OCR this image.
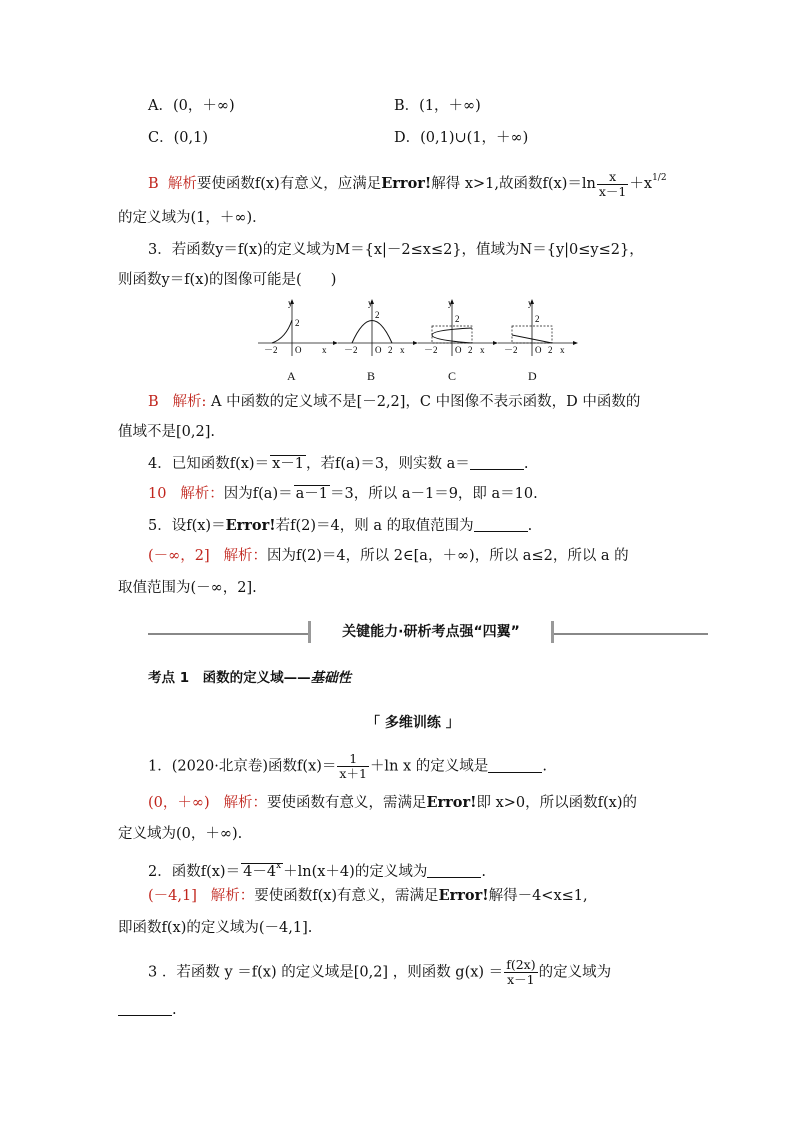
A．(0，＋∞)	B．(1，＋∞)
C．(0,1)	D．(0,1)∪(1，＋∞)
B 解析要使函数f(x)有意义，应满足Error!解得 x>1,故函数$f(x)=\ln \frac{x}{x-1} +x^{1/2}$
的定义域为(1，＋∞)．
3．若函数y＝f(x)的定义域为M＝{x|－2≤x≤2}，值域为N＝{y|0≤y≤2}，
则函数y＝f(x)的图像可能是(　　)
y
2
－2 O x
y
2
－2 O 2 x
y
2
－2 O 2 x
y
2
－2 O 2 x
A	B	C	D
B 解析: A 中函数的定义域不是[－2,2]，C 中图像不表示函数，D 中函数的
值域不是[0,2].
4．已知函数f(x)＝ x－1 ，若f(a)＝3，则实数 a＝	.
10 解析：因为f(a)＝ a－1 ＝3，所以 a－1＝9，即 a＝10.
5．设f(x)＝Error!若f(2)＝4，则 a 的取值范围为	.
(－∞，2] 解析：因为f(2)＝4，所以 2∈[a，＋∞)，所以 a≤2，所以 a 的
取值范围为(－∞，2].
关键能力·研析考点强“四翼”
考点 1　函数的定义域——基础性
「 多维训练 」
1．(2020·北京卷)函数$f(x)= \frac{1}{x+1} +\ln$ x 的定义域是	.
(0，＋∞) 解析：要使函数有意义，需满足Error!即 x>0，所以函数f(x)的
定义域为(0，＋∞).
2．函数$f(x)= 4-4^x +\ln(x+4)$的定义域为	.
(－4,1] 解析：要使函数f(x)有意义，需满足Error!解得－4<x≤1,
即函数f(x)的定义域为(－4,1].
3 ．若函数 y ＝f(x) 的定义域是[0,2] ，则函数 $g(x) = \frac{f(2x)}{x-1}$ 的定义域为
.
